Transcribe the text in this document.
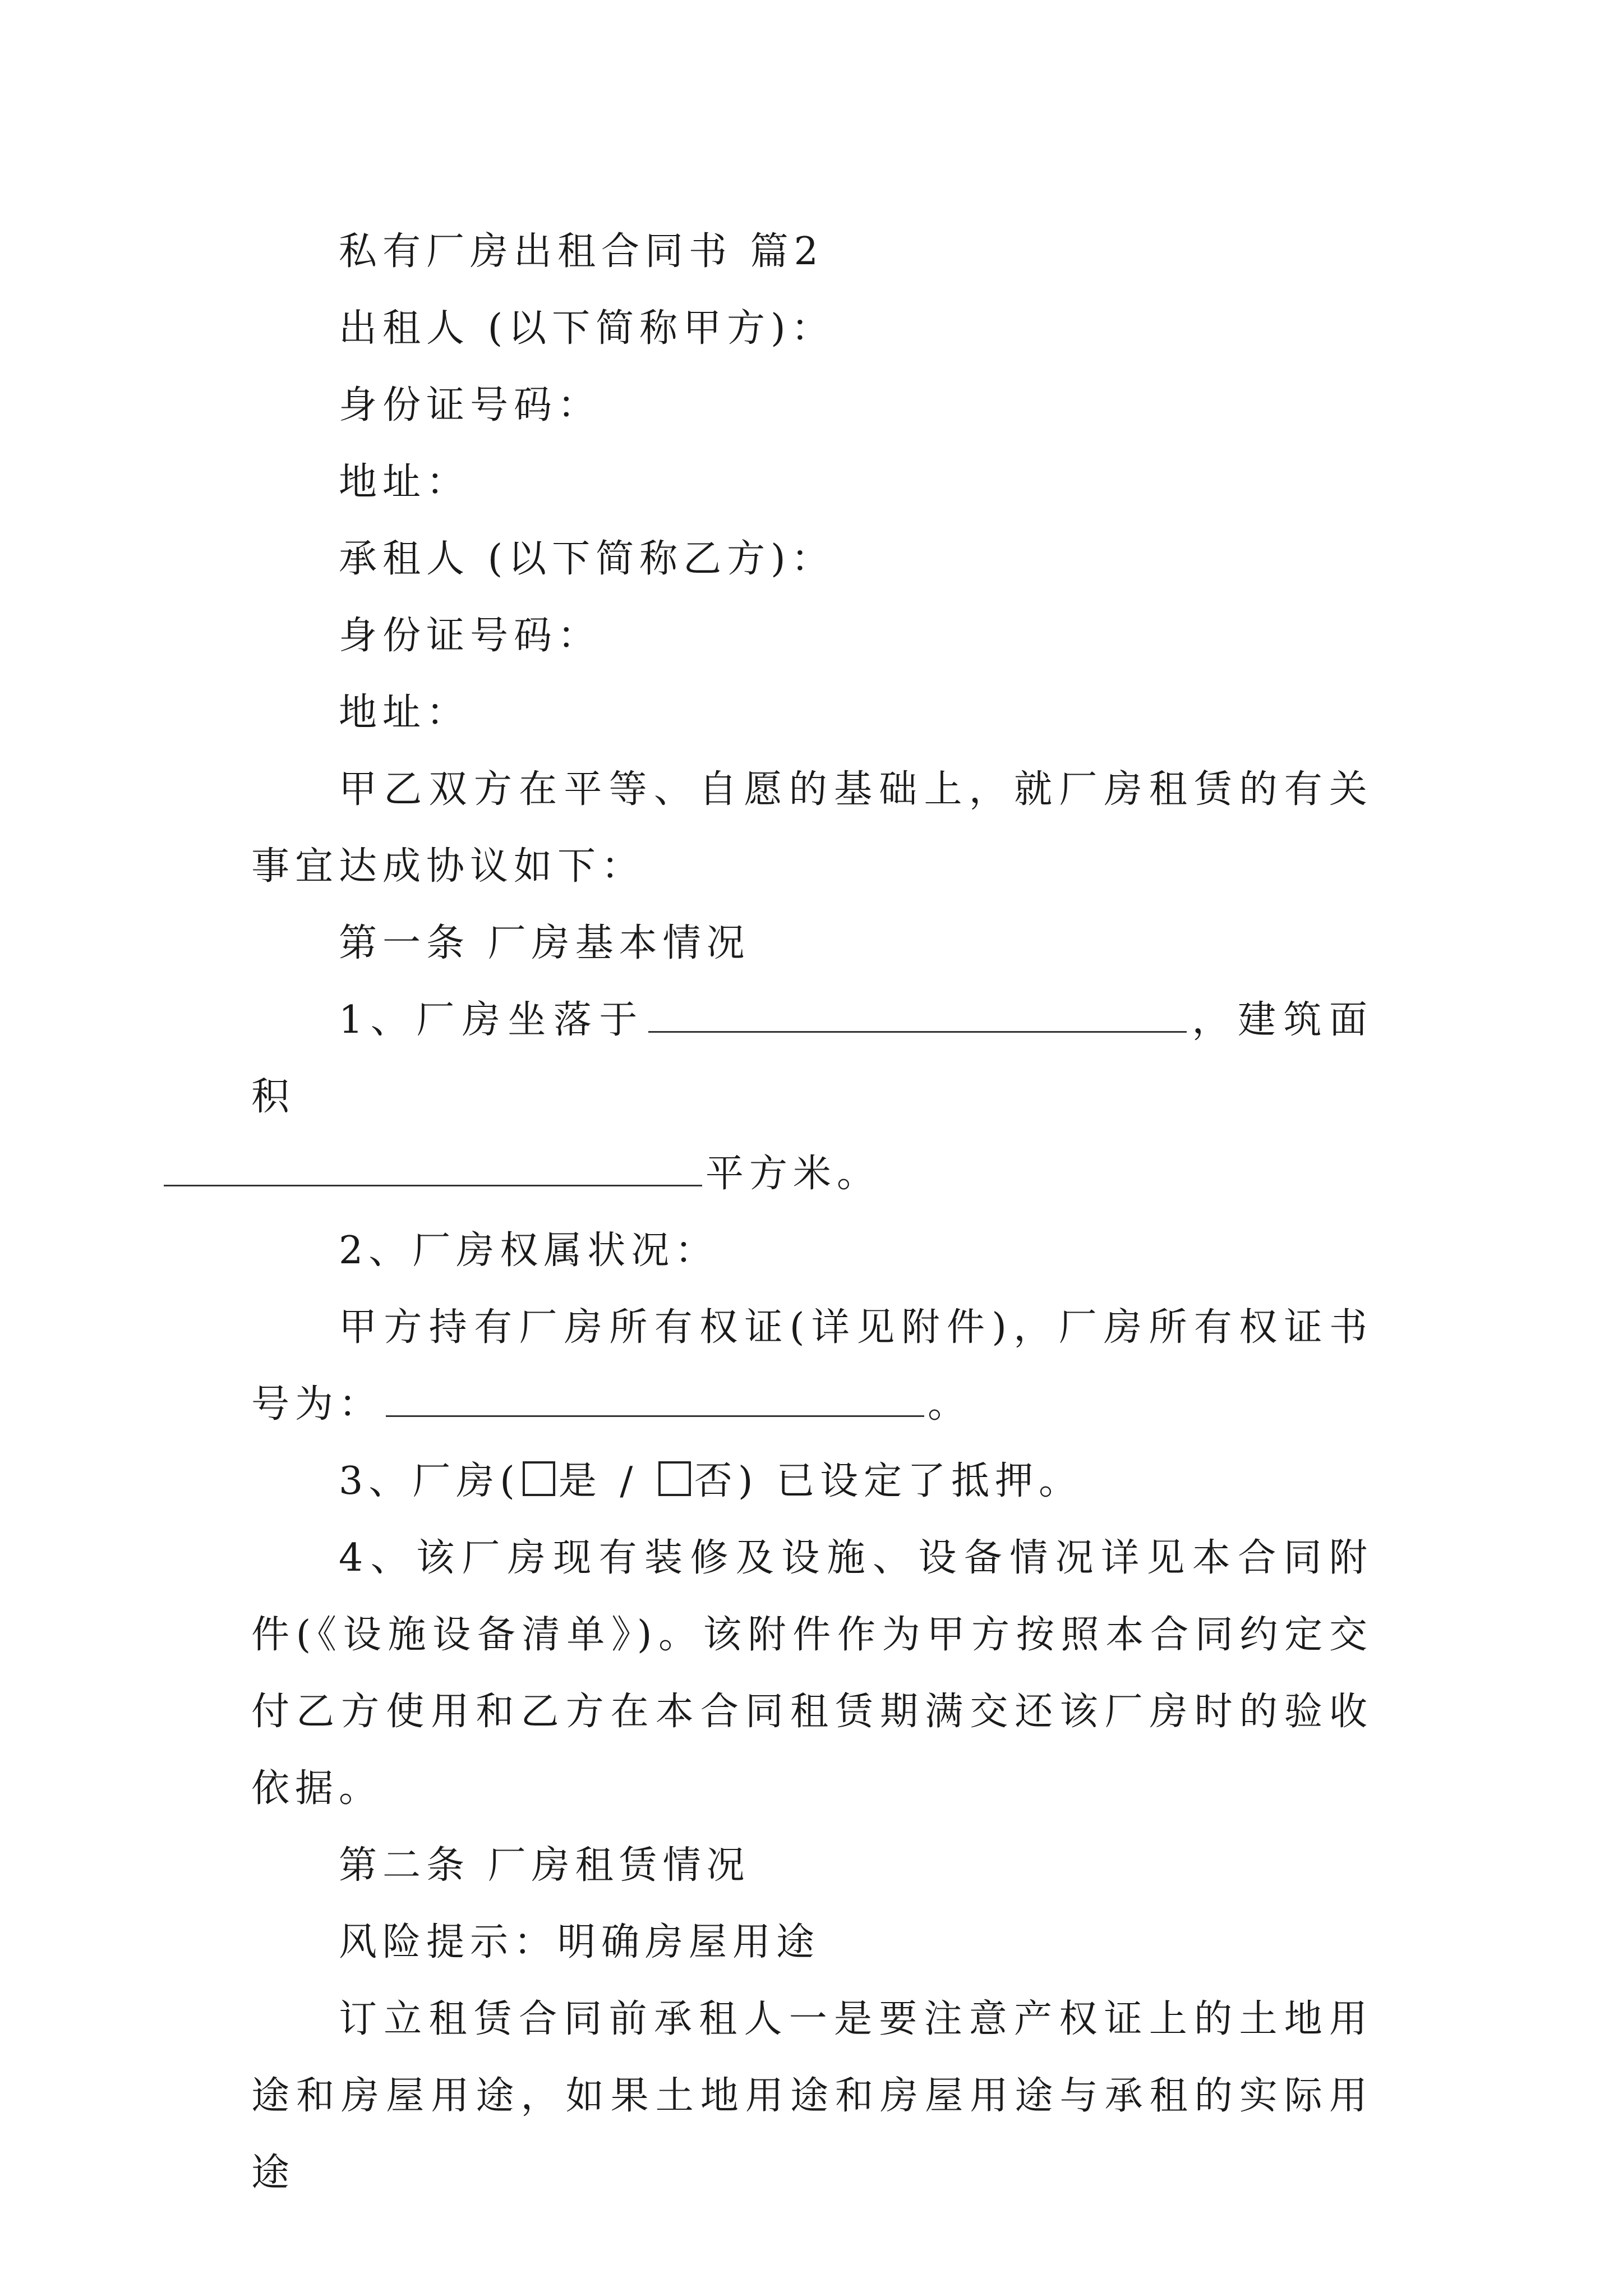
私有厂房出租合同书 篇2
出租人 (以下简称甲方)：
身份证号码：
地址：
承租人 (以下简称乙方)：
身份证号码：
地址：
甲乙双方在平等、自愿的基础上，就厂房租赁的有关事宜达成协议如下：
第一条 厂房基本情况
1、厂房坐落于	，建筑面积
平方米。
2、厂房权属状况：
甲方持有厂房所有权证(详见附件)，厂房所有权证书号为：	。
3、厂房( 是 / 否) 已设定了抵押。
4、该厂房现有装修及设施、设备情况详见本合同附件(《设施设备清单》)。该附件作为甲方按照本合同约定交付乙方使用和乙方在本合同租赁期满交还该厂房时的验收依据。
第二条 厂房租赁情况
风险提示：明确房屋用途
订立租赁合同前承租人一是要注意产权证上的土地用途和房屋用途，如果土地用途和房屋用途与承租的实际用途
